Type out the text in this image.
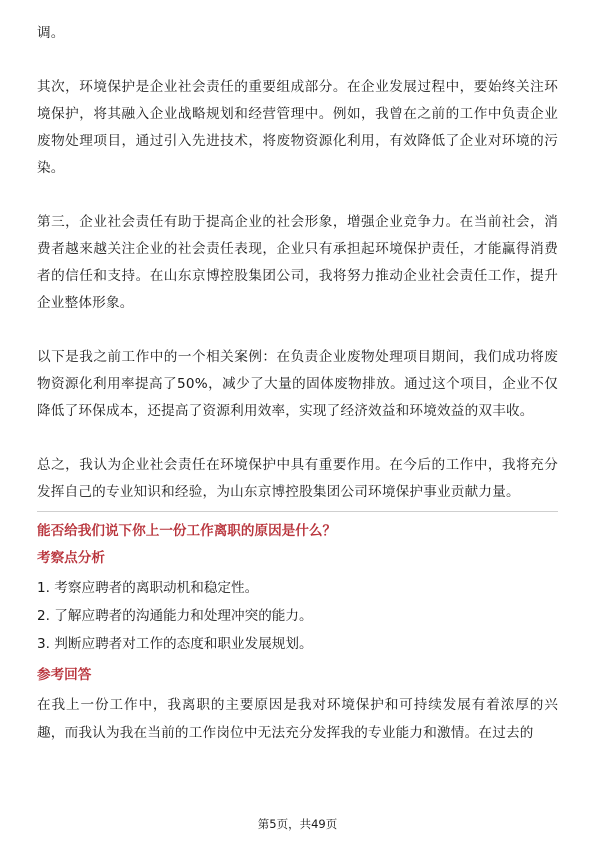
调。

其次，环境保护是企业社会责任的重要组成部分。在企业发展过程中，要始终关注环境保护，将其融入企业战略规划和经营管理中。例如，我曾在之前的工作中负责企业废物处理项目，通过引入先进技术，将废物资源化利用，有效降低了企业对环境的污染。

第三，企业社会责任有助于提高企业的社会形象，增强企业竞争力。在当前社会，消费者越来越关注企业的社会责任表现，企业只有承担起环境保护责任，才能赢得消费者的信任和支持。在山东京博控股集团公司，我将努力推动企业社会责任工作，提升企业整体形象。

以下是我之前工作中的一个相关案例：在负责企业废物处理项目期间，我们成功将废物资源化利用率提高了50%，减少了大量的固体废物排放。通过这个项目，企业不仅降低了环保成本，还提高了资源利用效率，实现了经济效益和环境效益的双丰收。

总之，我认为企业社会责任在环境保护中具有重要作用。在今后的工作中，我将充分发挥自己的专业知识和经验，为山东京博控股集团公司环境保护事业贡献力量。

能否给我们说下你上一份工作离职的原因是什么？
考察点分析
1. 考察应聘者的离职动机和稳定性。
2. 了解应聘者的沟通能力和处理冲突的能力。
3. 判断应聘者对工作的态度和职业发展规划。
参考回答

在我上一份工作中，我离职的主要原因是我对环境保护和可持续发展有着浓厚的兴趣，而我认为我在当前的工作岗位中无法充分发挥我的专业能力和激情。在过去的

第5页，共49页
